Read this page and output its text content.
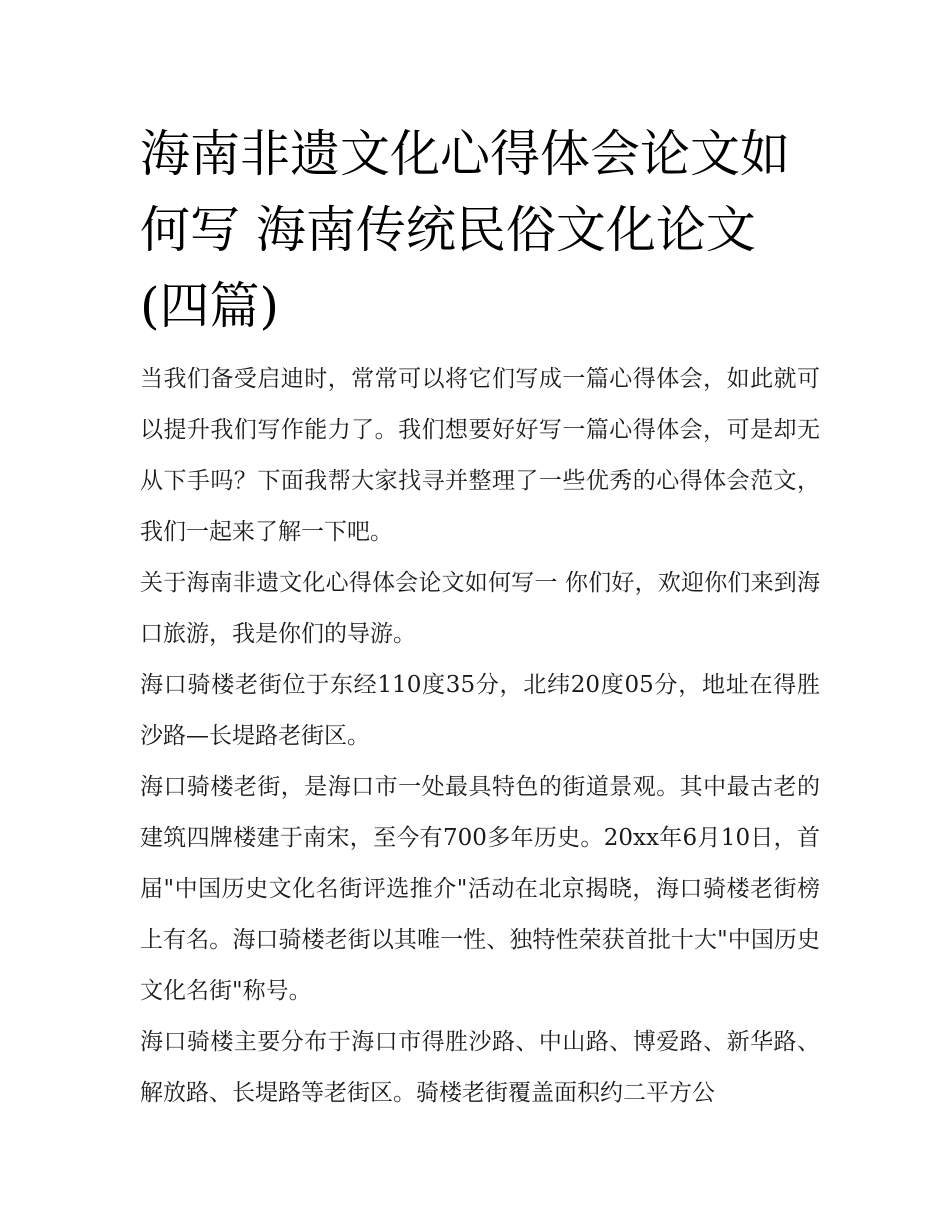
海南非遗文化心得体会论文如何写 海南传统民俗文化论文(四篇)

当我们备受启迪时，常常可以将它们写成一篇心得体会，如此就可以提升我们写作能力了。我们想要好好写一篇心得体会，可是却无从下手吗？下面我帮大家找寻并整理了一些优秀的心得体会范文，我们一起来了解一下吧。

关于海南非遗文化心得体会论文如何写一 你们好，欢迎你们来到海口旅游，我是你们的导游。

海口骑楼老街位于东经110度35分，北纬20度05分，地址在得胜沙路—长堤路老街区。

海口骑楼老街，是海口市一处最具特色的街道景观。其中最古老的建筑四牌楼建于南宋，至今有700多年历史。20xx年6月10日，首届"中国历史文化名街评选推介"活动在北京揭晓，海口骑楼老街榜上有名。海口骑楼老街以其唯一性、独特性荣获首批十大"中国历史文化名街"称号。

海口骑楼主要分布于海口市得胜沙路、中山路、博爱路、新华路、解放路、长堤路等老街区。骑楼老街覆盖面积约二平方公
